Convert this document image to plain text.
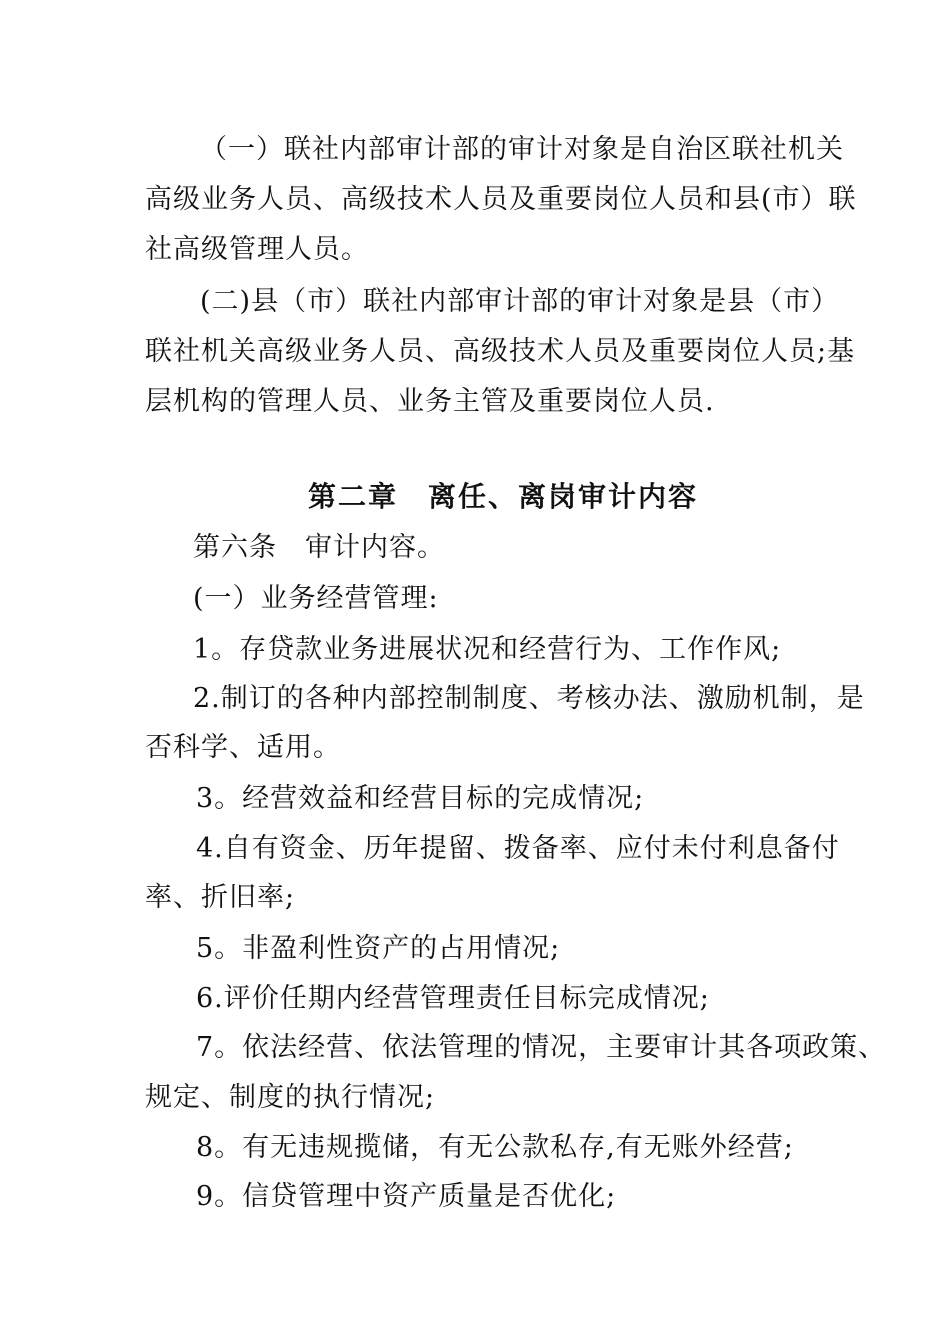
（一）联社内部审计部的审计对象是自治区联社机关
高级业务人员、高级技术人员及重要岗位人员和县(市）联
社高级管理人员。
(二)县（市）联社内部审计部的审计对象是县（市）
联社机关高级业务人员、高级技术人员及重要岗位人员;基
层机构的管理人员、业务主管及重要岗位人员.
第二章　离任、离岗审计内容
第六条　审计内容。
(一）业务经营管理:
1。存贷款业务进展状况和经营行为、工作作风;
2.制订的各种内部控制制度、考核办法、激励机制，是
否科学、适用。
3。经营效益和经营目标的完成情况;
4.自有资金、历年提留、拨备率、应付未付利息备付
率、折旧率;
5。非盈利性资产的占用情况;
6.评价任期内经营管理责任目标完成情况;
7。依法经营、依法管理的情况，主要审计其各项政策、
规定、制度的执行情况;
8。有无违规揽储，有无公款私存,有无账外经营;
9。信贷管理中资产质量是否优化;
